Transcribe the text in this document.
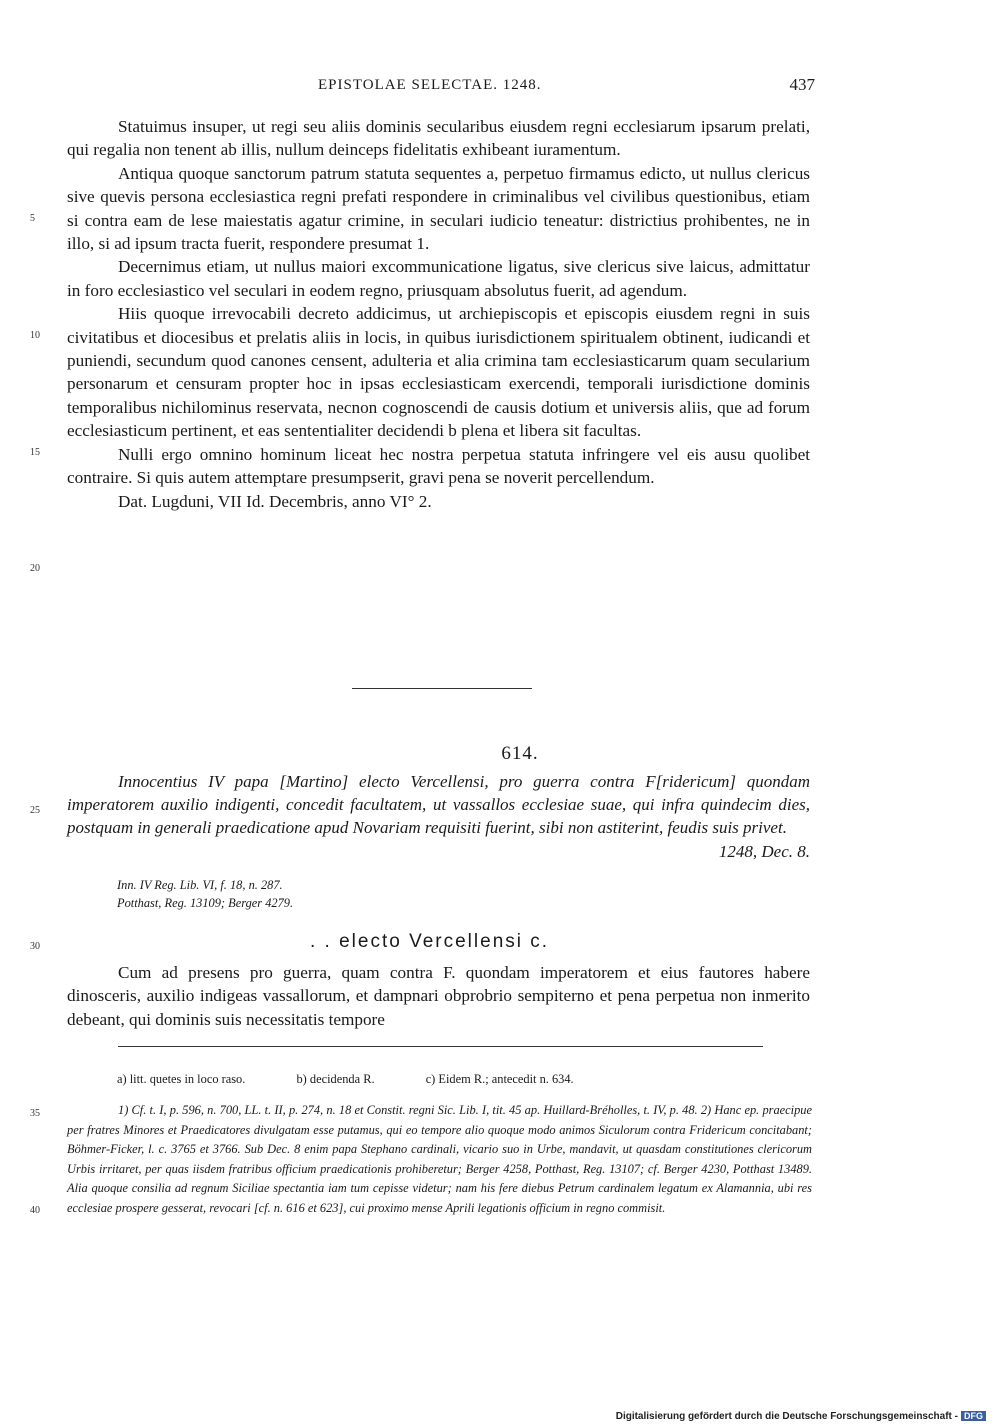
EPISTOLAE SELECTAE. 1248.	437
5
10
15
20
25
30
35
40

Statuimus insuper, ut regi seu aliis dominis secularibus eiusdem regni ecclesiarum ipsarum prelati, qui regalia non tenent ab illis, nullum deinceps fidelitatis exhibeant iuramentum.

Antiqua quoque sanctorum patrum statuta sequentes a, perpetuo firmamus edicto, ut nullus clericus sive quevis persona ecclesiastica regni prefati respondere in criminalibus vel civilibus questionibus, etiam si contra eam de lese maiestatis agatur crimine, in seculari iudicio teneatur: districtius prohibentes, ne in illo, si ad ipsum tracta fuerit, respondere presumat 1.

Decernimus etiam, ut nullus maiori excommunicatione ligatus, sive clericus sive laicus, admittatur in foro ecclesiastico vel seculari in eodem regno, priusquam absolutus fuerit, ad agendum.

Hiis quoque irrevocabili decreto addicimus, ut archiepiscopis et episcopis eiusdem regni in suis civitatibus et diocesibus et prelatis aliis in locis, in quibus iurisdictionem spiritualem obtinent, iudicandi et puniendi, secundum quod canones censent, adulteria et alia crimina tam ecclesiasticarum quam secularium personarum et censuram propter hoc in ipsas ecclesiasticam exercendi, temporali iurisdictione dominis temporalibus nichilominus reservata, necnon cognoscendi de causis dotium et universis aliis, que ad forum ecclesiasticum pertinent, et eas sententialiter decidendi b plena et libera sit facultas.

Nulli ergo omnino hominum liceat hec nostra perpetua statuta infringere vel eis ausu quolibet contraire. Si quis autem attemptare presumpserit, gravi pena se noverit percellendum.

Dat. Lugduni, VII Id. Decembris, anno VI° 2.

614.
Innocentius IV papa [Martino] electo Vercellensi, pro guerra contra F[ridericum] quondam imperatorem auxilio indigenti, concedit facultatem, ut vassallos ecclesiae suae, qui infra quindecim dies, postquam in generali praedicatione apud Novariam requisiti fuerint, sibi non astiterint, feudis suis privet.
1248, Dec. 8.
Inn. IV Reg. Lib. VI, f. 18, n. 287.
Potthast, Reg. 13109; Berger 4279.
. . electo Vercellensi c.

Cum ad presens pro guerra, quam contra F. quondam imperatorem et eius fautores habere dinosceris, auxilio indigeas vassallorum, et dampnari obprobrio sempiterno et pena perpetua non inmerito debeant, qui dominis suis necessitatis tempore

a) litt. quetes in loco raso.	b) decidenda R.	c) Eidem R.; antecedit n. 634.
1) Cf. t. I, p. 596, n. 700, LL. t. II, p. 274, n. 18 et Constit. regni Sic. Lib. I, tit. 45 ap. Huillard-Bréholles, t. IV, p. 48. 2) Hanc ep. praecipue per fratres Minores et Praedicatores divulgatam esse putamus, qui eo tempore alio quoque modo animos Siculorum contra Fridericum concitabant; Böhmer-Ficker, l. c. 3765 et 3766. Sub Dec. 8 enim papa Stephano cardinali, vicario suo in Urbe, mandavit, ut quasdam constitutiones clericorum Urbis irritaret, per quas iisdem fratribus officium praedicationis prohiberetur; Berger 4258, Potthast, Reg. 13107; cf. Berger 4230, Potthast 13489. Alia quoque consilia ad regnum Siciliae spectantia iam tum cepisse videtur; nam his fere diebus Petrum cardinalem legatum ex Alamannia, ubi res ecclesiae prospere gesserat, revocari [cf. n. 616 et 623], cui proximo mense Aprili legationis officium in regno commisit.
Digitalisierung gefördert durch die Deutsche Forschungsgemeinschaft - DFG
